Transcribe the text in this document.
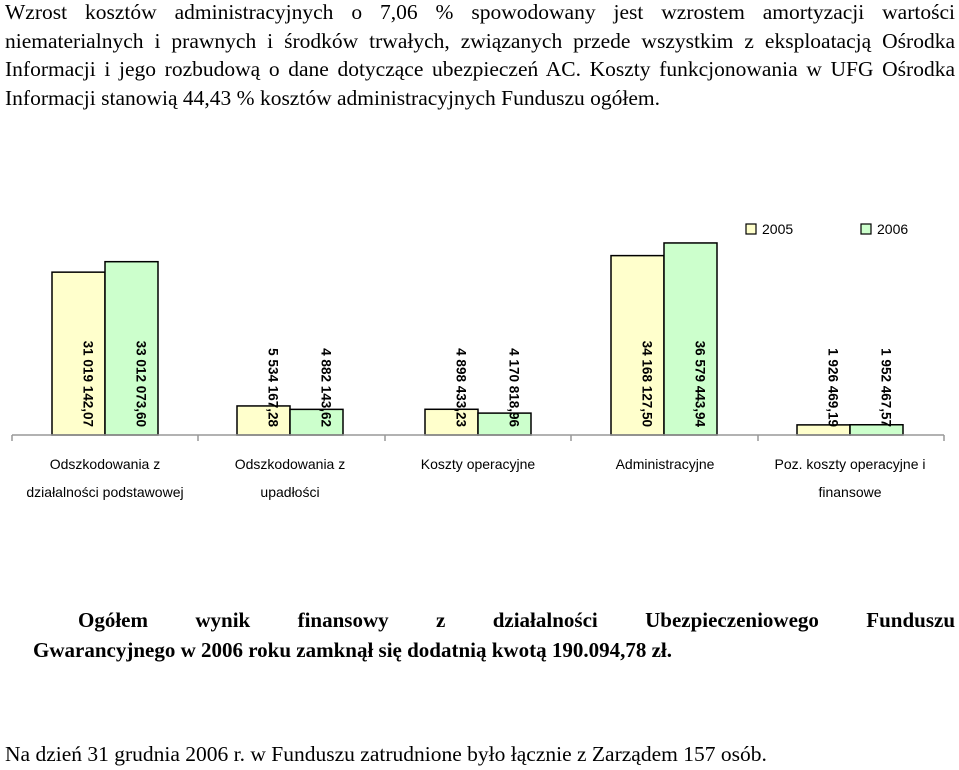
Wzrost kosztów administracyjnych o 7,06 % spowodowany jest wzrostem amortyzacji wartości niematerialnych i prawnych i środków trwałych, związanych przede wszystkim z eksploatacją Ośrodka Informacji i jego rozbudową o dane dotyczące ubezpieczeń AC. Koszty funkcjonowania w UFG Ośrodka Informacji stanowią 44,43 % kosztów administracyjnych Funduszu ogółem.
2005	2006
31 019 142,07	5 534 167,28	4 898 433,23	34 168 127,50	1 926 469,19
33 012 073,60	4 882 143,62	4 170 818,96	36 579 443,94	1 952 467,57
Odszkodowania z
działalności podstawowej
Odszkodowania z
upadłości
Koszty operacyjne	Administracyjne	Poz. koszty operacyjne i
finansowe
Ogółem wynik finansowy z działalności Ubezpieczeniowego Funduszu
Gwarancyjnego w 2006 roku zamknął się dodatnią kwotą 190.094,78 zł.
Na dzień 31 grudnia 2006 r. w Funduszu zatrudnione było łącznie z Zarządem 157 osób.
